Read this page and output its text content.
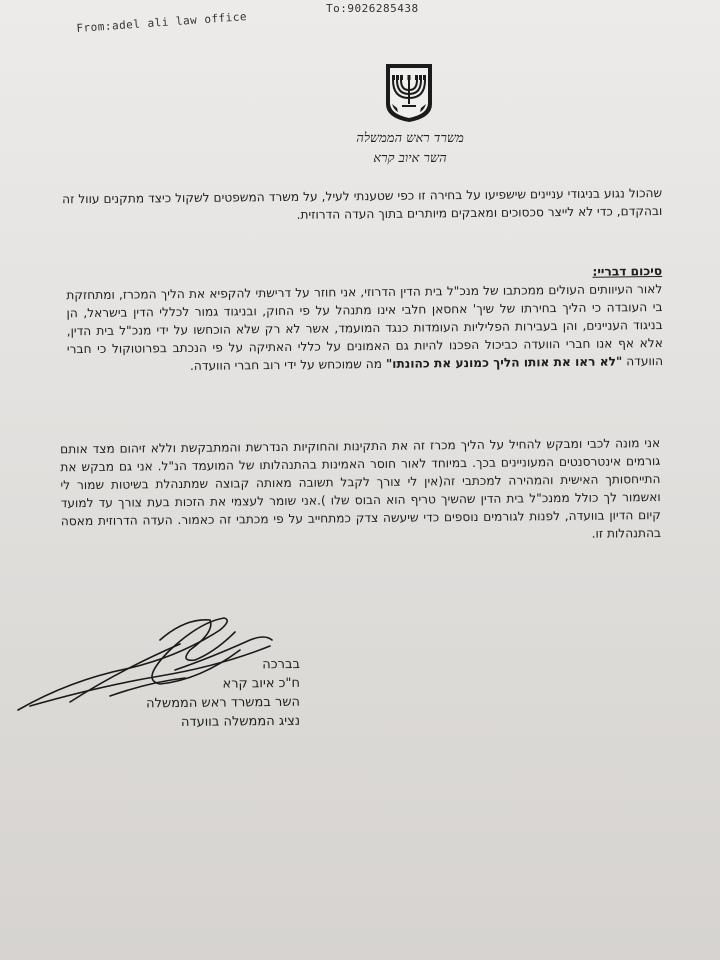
From:adel ali law office
To:9026285438
משרד ראש הממשלה
השר איוב קרא
שהכול נגוע בניגודי עניינים שישפיעו על בחירה זו כפי שטענתי לעיל, על משרד המשפטים לשקול כיצד מתקנים עוול זה ובהקדם, כדי לא לייצר סכסוכים ומאבקים מיותרים בתוך העדה הדרוזית.
סיכום דבריי:
לאור העיוותים העולים ממכתבו של מנכ"ל בית הדין הדרוזי, אני חוזר על דרישתי להקפיא את הליך המכרז, ומתחזקת בי העובדה כי הליך בחירתו של שיך' אחסאן חלבי אינו מתנהל על פי החוק, ובניגוד גמור לכללי הדין בישראל, הן בניגוד העניינים, והן בעבירות הפליליות העומדות כנגד המועמד, אשר לא רק שלא הוכחשו על ידי מנכ"ל בית הדין, אלא אף אנו חברי הוועדה כביכול הפכנו להיות גם האמונים על כללי האתיקה על פי הנכתב בפרוטוקול כי חברי הוועדה "לא ראו את אותו הליך כמונע את כהונתו" מה שמוכחש על ידי רוב חברי הוועדה.
אני מונה לכבי ומבקש להחיל על הליך מכרז זה את התקינות והחוקיות הנדרשת והמתבקשת וללא זיהום מצד אותם גורמים אינטרסנטים המעוניינים בכך. במיוחד לאור חוסר האמינות בהתנהלותו של המועמד הנ"ל. אני גם מבקש את התייחסותך האישית והמהירה למכתבי זה(אין לי צורך לקבל תשובה מאותה קבוצה שמתנהלת בשיטות שמור לי ואשמור לך כולל ממנכ"ל בית הדין שהשיך טריף הוא הבוס שלו ).אני שומר לעצמי את הזכות בעת צורך עד למועד קיום הדיון בוועדה, לפנות לגורמים נוספים כדי שיעשה צדק כמתחייב על פי מכתבי זה כאמור. העדה הדרוזית מאסה בהתנהלות זו.
בברכה
ח"כ איוב קרא
השר במשרד ראש הממשלה
נציג הממשלה בוועדה
